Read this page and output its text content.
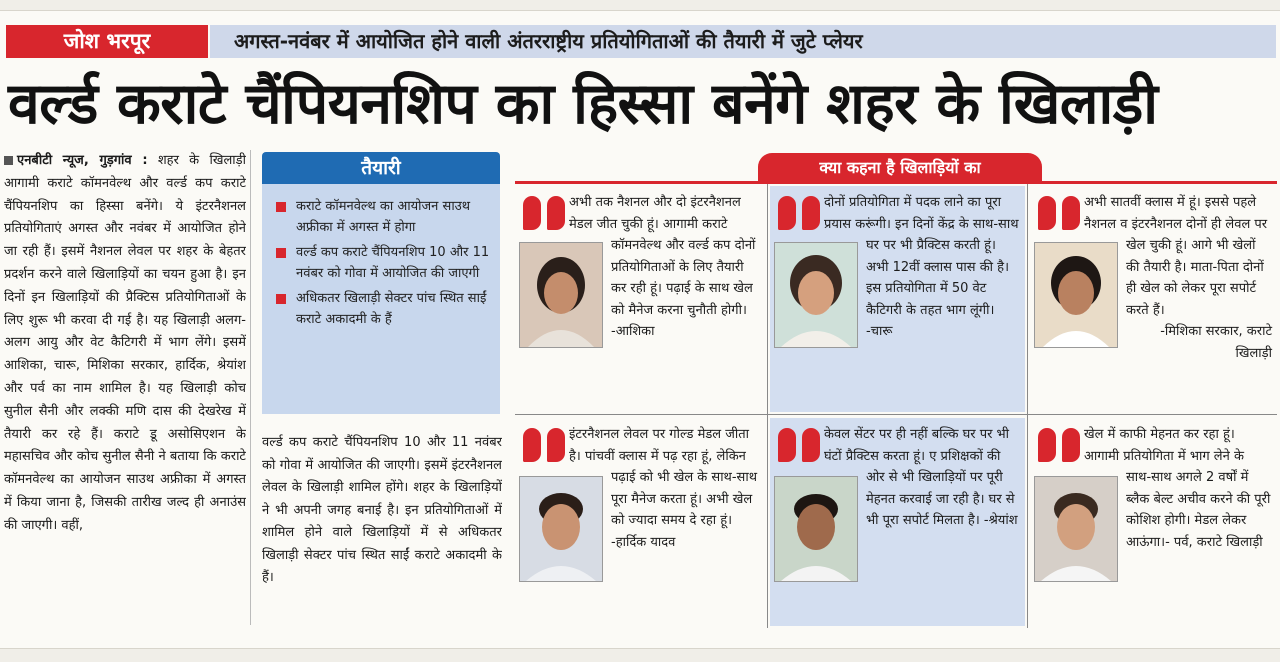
जोश भरपूर	अगस्त-नवंबर में आयोजित होने वाली अंतरराष्ट्रीय प्रतियोगिताओं की तैयारी में जुटे प्लेयर
वर्ल्ड कराटे चैंपियनशिप का हिस्सा बनेंगे शहर के खिलाड़ी
एनबीटी न्यूज, गुड़गांव : शहर के खिलाड़ी आगामी कराटे कॉमनवेल्थ और वर्ल्ड कप कराटे चैंपियनशिप का हिस्सा बनेंगे। ये इंटरनैशनल प्रतियोगिताएं अगस्त और नवंबर में आयोजित होने जा रही हैं। इसमें नैशनल लेवल पर शहर के बेहतर प्रदर्शन करने वाले खिलाड़ियों का चयन हुआ है। इन दिनों इन खिलाड़ियों की प्रैक्टिस प्रतियोगिताओं के लिए शुरू भी करवा दी गई है। यह खिलाड़ी अलग-अलग आयु और वेट कैटिगरी में भाग लेंगे। इसमें आशिका, चारू, मिशिका सरकार, हार्दिक, श्रेयांश और पर्व का नाम शामिल है। यह खिलाड़ी कोच सुनील सैनी और लक्की मणि दास की देखरेख में तैयारी कर रहे हैं। कराटे डू असोसिएशन के महासचिव और कोच सुनील सैनी ने बताया कि कराटे कॉमनवेल्थ का आयोजन साउथ अफ्रीका में अगस्त में किया जाना है, जिसकी तारीख जल्द ही अनाउंस की जाएगी। वहीं,
तैयारी
कराटे कॉमनवेल्थ का आयोजन साउथ अफ्रीका में अगस्त में होगा
वर्ल्ड कप कराटे चैंपियनशिप 10 और 11 नवंबर को गोवा में आयोजित की जाएगी
अधिकतर खिलाड़ी सेक्टर पांच स्थित साईं कराटे अकादमी के हैं
वर्ल्ड कप कराटे चैंपियनशिप 10 और 11 नवंबर को गोवा में आयोजित की जाएगी। इसमें इंटरनैशनल लेवल के खिलाड़ी शामिल होंगे। शहर के खिलाड़ियों ने भी अपनी जगह बनाई है। इन प्रतियोगिताओं में शामिल होने वाले खिलाड़ियों में से अधिकतर खिलाड़ी सेक्टर पांच स्थित साईं कराटे अकादमी के हैं।
क्या कहना है खिलाड़ियों का
अभी तक नैशनल और दो इंटरनैशनल मेडल जीत चुकी हूं। आगामी कराटे कॉमनवेल्थ और वर्ल्ड कप दोनों प्रतियोगिताओं के लिए तैयारी कर रही हूं। पढ़ाई के साथ खेल को मैनेज करना चुनौती होगी। -आशिका
दोनों प्रतियोगिता में पदक लाने का पूरा प्रयास करूंगी। इन दिनों केंद्र के साथ-साथ घर पर भी प्रैक्टिस करती हूं। अभी 12वीं क्लास पास की है। इस प्रतियोगिता में 50 वेट कैटिगरी के तहत भाग लूंगी। -चारू
अभी सातवीं क्लास में हूं। इससे पहले नैशनल व इंटरनैशनल दोनों ही लेवल पर खेल चुकी हूं। आगे भी खेलों की तैयारी है। माता-पिता दोनों ही खेल को लेकर पूरा सपोर्ट करते हैं।

-मिशिका सरकार, कराटे खिलाड़ी
इंटरनैशनल लेवल पर गोल्ड मेडल जीता है। पांचवीं क्लास में पढ़ रहा हूं, लेकिन पढ़ाई को भी खेल के साथ-साथ पूरा मैनेज करता हूं। अभी खेल को ज्यादा समय दे रहा हूं। -हार्दिक यादव
केवल सेंटर पर ही नहीं बल्कि घर पर भी घंटों प्रैक्टिस करता हूं। ए प्रशिक्षकों की ओर से भी खिलाड़ियों पर पूरी मेहनत करवाई जा रही है। घर से भी पूरा सपोर्ट मिलता है। -श्रेयांश
खेल में काफी मेहनत कर रहा हूं। आगामी प्रतियोगिता में भाग लेने के साथ-साथ अगले 2 वर्षों में ब्लैक बेल्ट अचीव करने की पूरी कोशिश होगी। मेडल लेकर आऊंगा।- पर्व, कराटे खिलाड़ी
